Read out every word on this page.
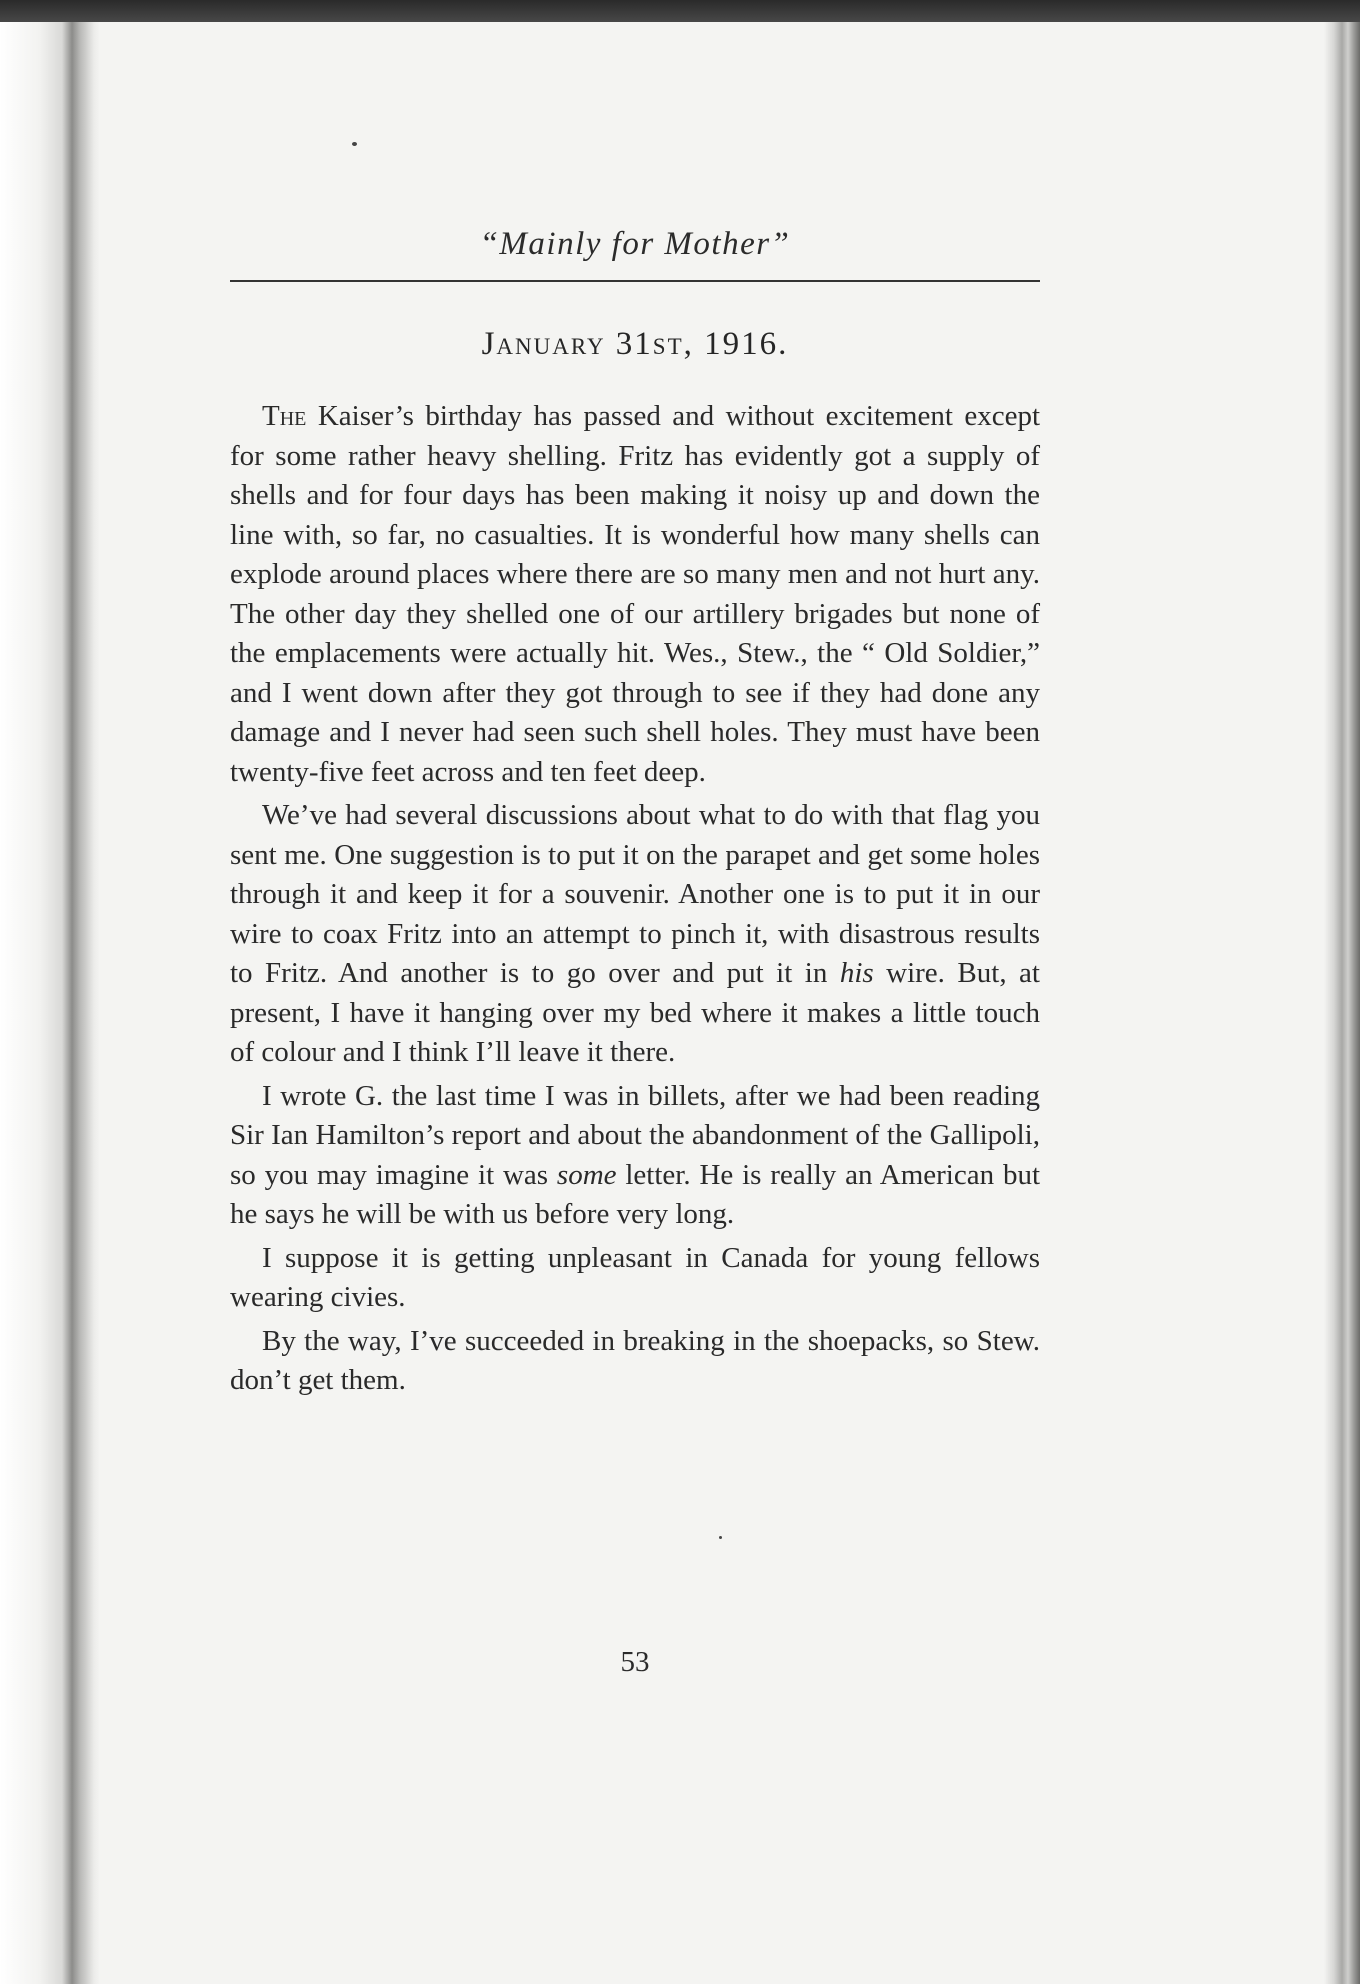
“Mainly for Mother”
January 31st, 1916.

The Kaiser’s birthday has passed and without excitement except for some rather heavy shelling. Fritz has evidently got a supply of shells and for four days has been making it noisy up and down the line with, so far, no casualties. It is wonderful how many shells can explode around places where there are so many men and not hurt any. The other day they shelled one of our artillery brigades but none of the emplacements were actually hit. Wes., Stew., the “ Old Soldier,” and I went down after they got through to see if they had done any damage and I never had seen such shell holes. They must have been twenty-five feet across and ten feet deep.

We’ve had several discussions about what to do with that flag you sent me. One suggestion is to put it on the parapet and get some holes through it and keep it for a souvenir. Another one is to put it in our wire to coax Fritz into an attempt to pinch it, with disastrous results to Fritz. And another is to go over and put it in his wire. But, at present, I have it hanging over my bed where it makes a little touch of colour and I think I’ll leave it there.

I wrote G. the last time I was in billets, after we had been reading Sir Ian Hamilton’s report and about the abandonment of the Gallipoli, so you may imagine it was some letter. He is really an American but he says he will be with us before very long.

I suppose it is getting unpleasant in Canada for young fellows wearing civies.

By the way, I’ve succeeded in breaking in the shoepacks, so Stew. don’t get them.

53
